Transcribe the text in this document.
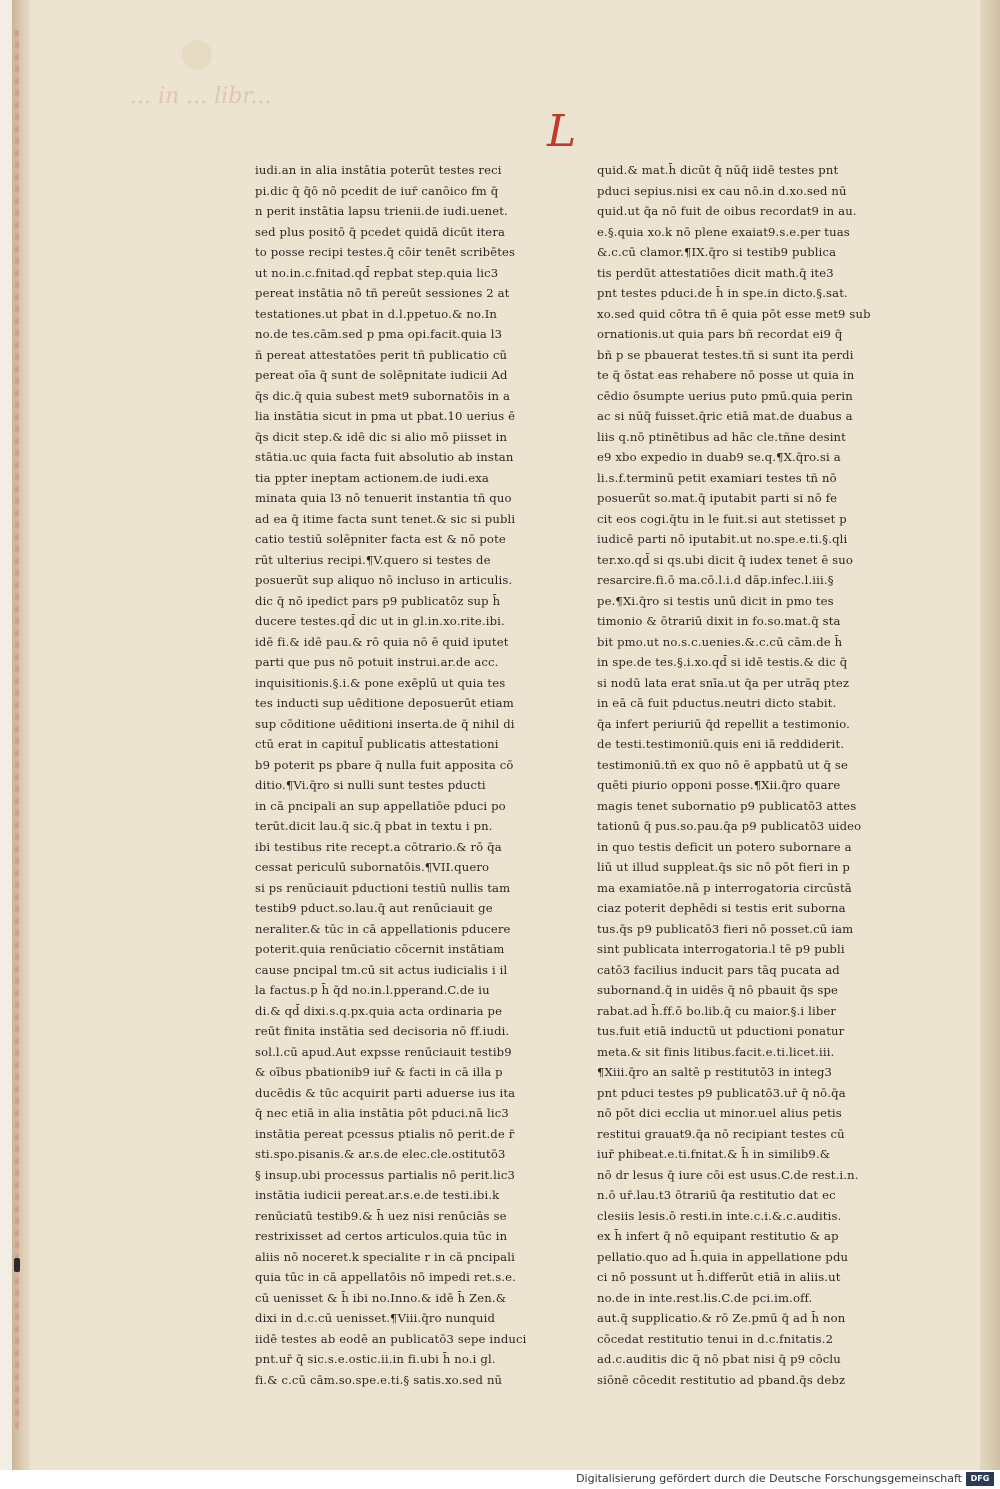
... in ... libr...
L
iudi.an in alia instātia poterūt testes reci
pi.dic q̄ q̄ō nō pcedit de iur̄ canōico fm q̄
n perit instātia lapsu trienii.de iudi.uenet.
sed plus positō q̄ pcedet quidā dicūt itera
to posse recipi testes.q̄ cōir tenēt scribētes
ut no.in.c.fnitad.qd̄ repbat step.quia lic3
pereat instātia nō tñ pereūt sessiones 2 at
testationes.ut pbat in d.l.ppetuo.& no.In
no.de tes.cām.sed p pma opi.facit.quia l3
ñ pereat attestatōes perit tñ publicatio cū
pereat oīa q̄ sunt de solēpnitate iudicii Ad
q̄s dic.q̄ quia subest met9 subornatōis in a
lia instātia sicut in pma ut pbat.10 uerius ē
q̄s dicit step.& idē dic si alio mō piisset in
stātia.uc quia facta fuit absolutio ab instan
tia ppter ineptam actionem.de iudi.exa
minata quia l3 nō tenuerit instantia tñ quo
ad ea q̄ itime facta sunt tenet.& sic si publi
catio testiū solēpniter facta est & nō pote
rūt ulterius recipi.¶V.quero si testes de
posuerūt sup aliquo nō incluso in articulis.
dic q̄ nō ipedict pars p9 publicatōz sup h̄
ducere testes.qd̄ dic ut in gl.in.xo.rite.ibi.
idē fi.& idē pau.& rō quia nō ē quid iputet
parti que pus nō potuit instrui.ar.de acc.
inquisitionis.§.i.& pone exēplū ut quia tes
tes inducti sup uēditione deposuerūt etiam
sup cōditione uēditioni inserta.de q̄ nihil di
ctū erat in capitul̄ publicatis attestationi
b9 poterit ps pbare q̄ nulla fuit apposita cō
ditio.¶Vi.q̄ro si nulli sunt testes pducti
in cā pncipali an sup appellatiōe pduci po
terūt.dicit lau.q̄ sic.q̄ pbat in textu i pn.
ibi testibus rite recept.a cōtrario.& rō q̄a
cessat periculū subornatōis.¶VII.quero
si ps renūciauit pductioni testiū nullis tam
testib9 pduct.so.lau.q̄ aut renūciauit ge
neraliter.& tūc in cā appellationis pducere
poterit.quia renūciatio cōcernit instātiam
cause pncipal tm.cū sit actus iudicialis i il
la factus.p h̄ q̄d no.in.l.pperand.C.de iu
di.& qd̄ dixi.s.q.px.quia acta ordinaria pe
reūt finita instātia sed decisoria nō ff.iudi.
sol.l.cū apud.Aut expsse renūciauit testib9
& oībus pbationib9 iur̄ & facti in cā illa p
ducēdis & tūc acquirit parti aduerse ius ita
q̄ nec etiā in alia instātia pōt pduci.nā lic3
instātia pereat pcessus ptialis nō perit.de r̄
sti.spo.pisanis.& ar.s.de elec.cle.ostitutō3
§ insup.ubi processus partialis nō perit.lic3
instātia iudicii pereat.ar.s.e.de testi.ibi.k
renūciatū testib9.& h̄ uez nisi renūciās se
restrixisset ad certos articulos.quia tūc in
aliis nō noceret.k specialite r in cā pncipali
quia tūc in cā appellatōis nō impedi ret.s.e.
cū uenisset & h̄ ibi no.Inno.& idē h̄ Zen.&
dixi in d.c.cū uenisset.¶Viii.q̄ro nunquid
iidē testes ab eodē an publicatō3 sepe induci
pnt.ur̄ q̄ sic.s.e.ostic.ii.in fi.ubi h̄ no.i gl.
fi.& c.cū cām.so.spe.e.ti.§ satis.xo.sed nū
quid.& mat.h̄ dicūt q̄ nūq̄ iidē testes pnt
pduci sepius.nisi ex cau nō.in d.xo.sed nū
quid.ut q̄a nō fuit de oibus recordat9 in au.
e.§.quia xo.k nō plene exaiat9.s.e.per tuas
&.c.cū clamor.¶IX.q̄ro si testib9 publica
tis perdūt attestatiōes dicit math.q̄ ite3
pnt testes pduci.de h̄ in spe.in dicto.§.sat.
xo.sed quid cōtra tñ ē quia pōt esse met9 sub
ornationis.ut quia pars bñ recordat ei9 q̄
bñ p se pbauerat testes.tñ si sunt ita perdi
te q̄ ōstat eas rehabere nō posse ut quia in
cēdio ōsumpte uerius puto pmū.quia perin
ac si nūq̄ fuisset.q̄ric etiā mat.de duabus a
liis q.nō ptinētibus ad hāc cle.tñne desint
e9 xbo expedio in duab9 se.q.¶X.q̄ro.si a
li.s.f.terminū petit examiari testes tñ nō
posuerūt so.mat.q̄ iputabit parti si nō fe
cit eos cogi.q̄tu in le fuit.si aut stetisset p
iudicē parti nō iputabit.ut no.spe.e.ti.§.qli
ter.xo.qd̄ si qs.ubi dicit q̄ iudex tenet ē suo
resarcire.fi.ō ma.cō.l.i.d dāp.infec.l.iii.§
pe.¶Xi.q̄ro si testis unū dicit in pmo tes
timonio & ōtrariū dixit in fo.so.mat.q̄ sta
bit pmo.ut no.s.c.uenies.&.c.cū cām.de h̄
in spe.de tes.§.i.xo.qd̄ si idē testis.& dic q̄
si nodū lata erat snīa.ut q̄a per utrāq ptez
in eā cā fuit pductus.neutri dicto stabit.
q̄a infert periuriū q̄d repellit a testimonio.
de testi.testimoniū.quis eni iā reddiderit.
testimoniū.tñ ex quo nō ē appbatū ut q̄ se
quēti piurio opponi posse.¶Xii.q̄ro quare
magis tenet subornatio p9 publicatō3 attes
tationū q̄ pus.so.pau.q̄a p9 publicatō3 uideo
in quo testis deficit un potero subornare a
liū ut illud suppleat.q̄s sic nō pōt fieri in p
ma examiatōe.nā p interrogatoria circūstā
ciaz poterit dephēdi si testis erit suborna
tus.q̄s p9 publicatō3 fieri nō posset.cū iam
sint publicata interrogatoria.l tē p9 publi
catō3 facilius inducit pars tāq pucata ad
subornand.q̄ in uidēs q̄ nō pbauit q̄s spe
rabat.ad h̄.ff.ō bo.lib.q̄ cu maior.§.i liber
tus.fuit etiā inductū ut pductioni ponatur
meta.& sit finis litibus.facit.e.ti.licet.iii.
¶Xiii.q̄ro an saltē p restitutō3 in integ3
pnt pduci testes p9 publicatō3.ur̄ q̄ nō.q̄a
nō pōt dici ecclia ut minor.uel alius petis
restitui grauat9.q̄a nō recipiant testes cū
iur̄ phibeat.e.ti.fnitat.& h̄ in similib9.&
nō dr lesus q̄ iure cōi est usus.C.de rest.i.n.
n.ō ur̄.lau.t3 ōtrariū q̄a restitutio dat ec
clesiis lesis.ō resti.in inte.c.i.&.c.auditis.
ex h̄ infert q̄ nō equipant restitutio & ap
pellatio.quo ad h̄.quia in appellatione pdu
ci nō possunt ut h̄.differūt etiā in aliis.ut
no.de in inte.rest.lis.C.de pci.im.off.
aut.q̄ supplicatio.& rō Ze.pmū q̄ ad h̄ non
cōcedat restitutio tenui in d.c.fnitatis.2
ad.c.auditis dic q̄ nō pbat nisi q̄ p9 cōclu
siōnē cōcedit restitutio ad pband.q̄s debz
Digitalisierung gefördert durch die Deutsche Forschungsgemeinschaft	DFG
